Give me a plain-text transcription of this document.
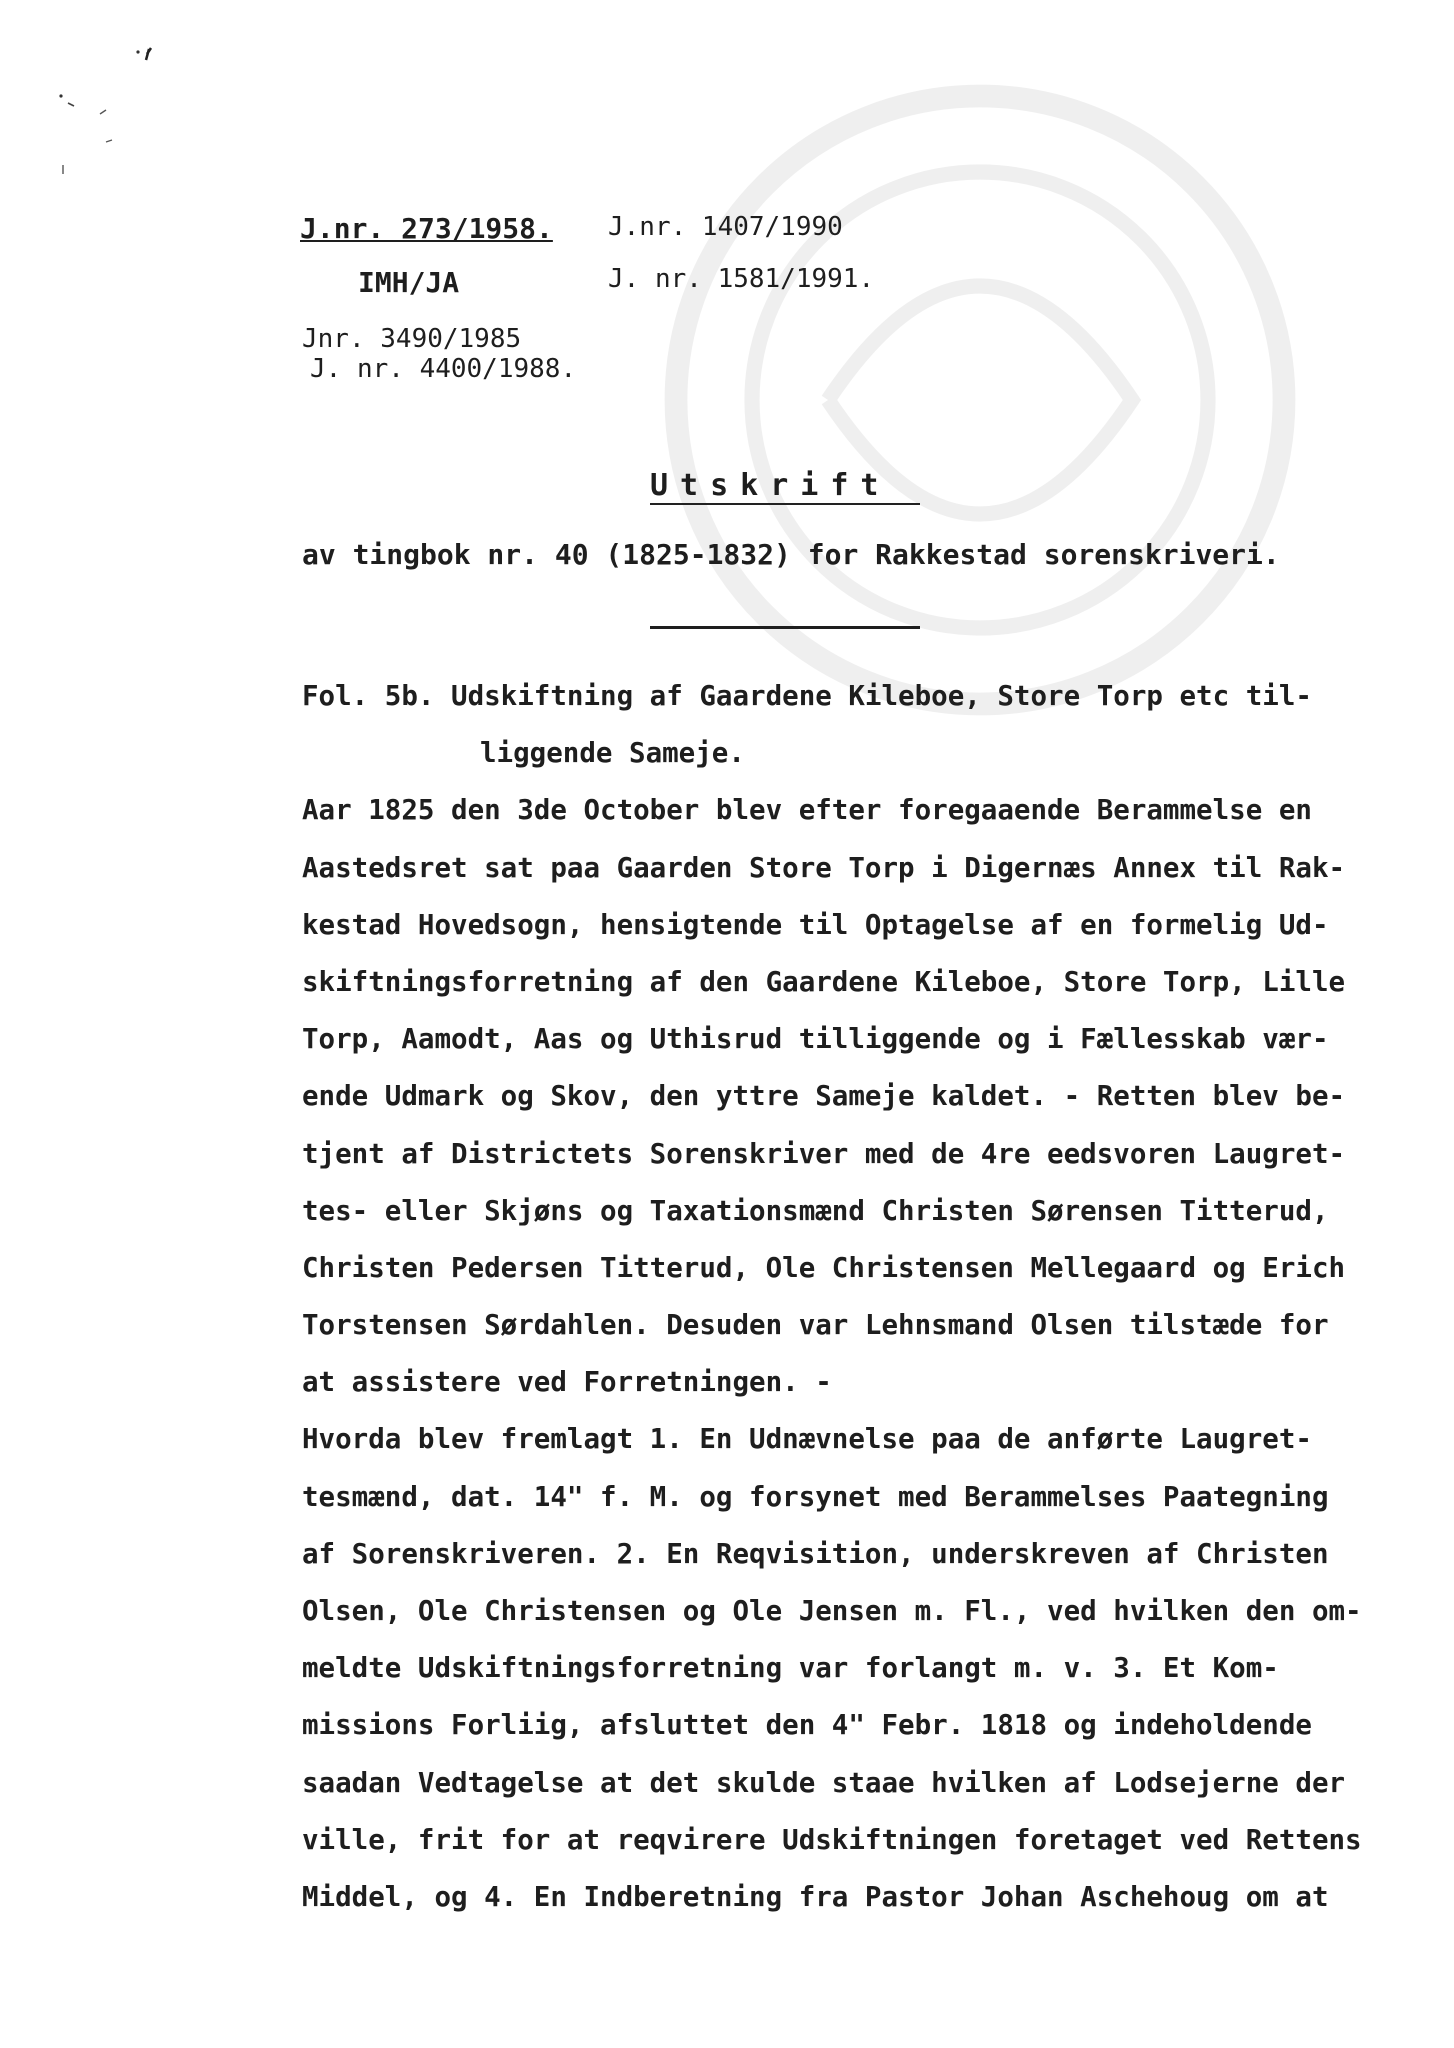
J.nr. 273/1958.
IMH/JA
J.nr. 1407/1990
J. nr. 1581/1991.
Jnr. 3490/1985
J. nr. 4400/1988.
Utskrift
av tingbok nr. 40 (1825-1832) for Rakkestad sorenskriveri.
Fol. 5b. Udskiftning af Gaardene Kileboe, Store Torp etc til-
liggende Sameje.
Aar 1825 den 3de October blev efter foregaaende Berammelse en
Aastedsret sat paa Gaarden Store Torp i Digernæs Annex til Rak-
kestad Hovedsogn, hensigtende til Optagelse af en formelig Ud-
skiftningsforretning af den Gaardene Kileboe, Store Torp, Lille
Torp, Aamodt, Aas og Uthisrud tilliggende og i Fællesskab vær-
ende Udmark og Skov, den yttre Sameje kaldet. - Retten blev be-
tjent af Districtets Sorenskriver med de 4re eedsvoren Laugret-
tes- eller Skjøns og Taxationsmænd Christen Sørensen Titterud,
Christen Pedersen Titterud, Ole Christensen Mellegaard og Erich
Torstensen Sørdahlen. Desuden var Lehnsmand Olsen tilstæde for
at assistere ved Forretningen. -
Hvorda blev fremlagt 1. En Udnævnelse paa de anførte Laugret-
tesmænd, dat. 14" f. M. og forsynet med Berammelses Paategning
af Sorenskriveren. 2. En Reqvisition, underskreven af Christen
Olsen, Ole Christensen og Ole Jensen m. Fl., ved hvilken den om-
meldte Udskiftningsforretning var forlangt m. v. 3. Et Kom-
missions Forliig, afsluttet den 4" Febr. 1818 og indeholdende
saadan Vedtagelse at det skulde staae hvilken af Lodsejerne der
ville, frit for at reqvirere Udskiftningen foretaget ved Rettens
Middel, og 4. En Indberetning fra Pastor Johan Aschehoug om at
